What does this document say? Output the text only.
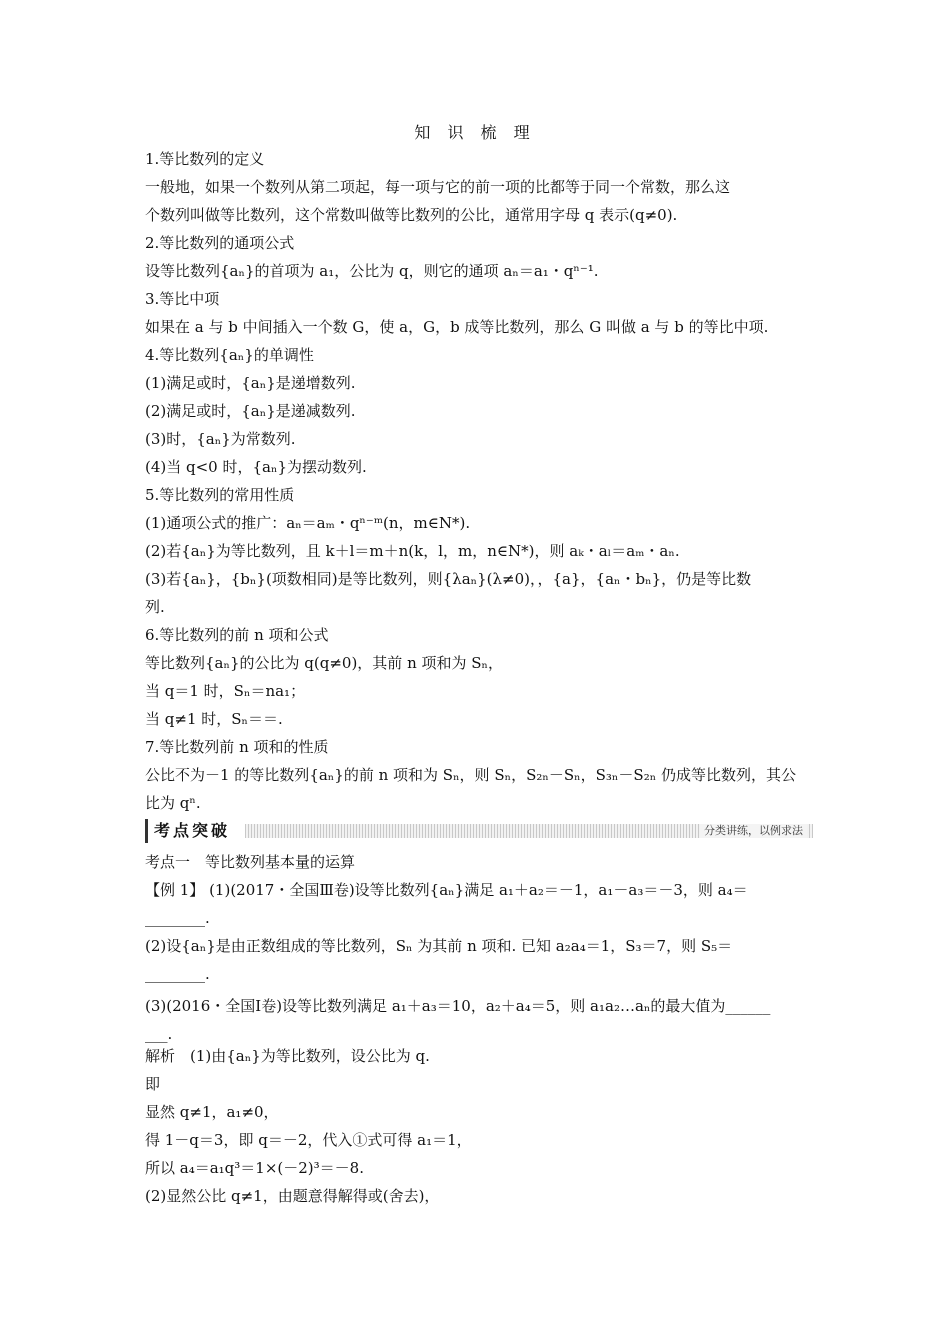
知 识 梳 理
1.等比数列的定义
一般地，如果一个数列从第二项起，每一项与它的前一项的比都等于同一个常数，那么这
个数列叫做等比数列，这个常数叫做等比数列的公比，通常用字母 q 表示(q≠0).
2.等比数列的通项公式
设等比数列{aₙ}的首项为 a₁，公比为 q，则它的通项 aₙ＝a₁・qⁿ⁻¹.
3.等比中项
如果在 a 与 b 中间插入一个数 G，使 a，G，b 成等比数列，那么 G 叫做 a 与 b 的等比中项.
4.等比数列{aₙ}的单调性
(1)满足或时，{aₙ}是递增数列.
(2)满足或时，{aₙ}是递减数列.
(3)时，{aₙ}为常数列.
(4)当 q<0 时，{aₙ}为摆动数列.
5.等比数列的常用性质
(1)通项公式的推广：aₙ＝aₘ・qⁿ⁻ᵐ(n，m∈N*).
(2)若{aₙ}为等比数列，且 k＋l＝m＋n(k，l，m，n∈N*)，则 aₖ・aₗ＝aₘ・aₙ.
(3)若{aₙ}，{bₙ}(项数相同)是等比数列，则{λaₙ}(λ≠0)，，{a}，{aₙ・bₙ}，仍是等比数
列.
6.等比数列的前 n 项和公式
等比数列{aₙ}的公比为 q(q≠0)，其前 n 项和为 Sₙ，
当 q＝1 时，Sₙ＝na₁；
当 q≠1 时，Sₙ＝＝.
7.等比数列前 n 项和的性质
公比不为－1 的等比数列{aₙ}的前 n 项和为 Sₙ，则 Sₙ，S₂ₙ－Sₙ，S₃ₙ－S₂ₙ 仍成等比数列，其公
比为 qⁿ.
考点突破	分类讲练，以例求法
考点一　等比数列基本量的运算
【例 1】 (1)(2017・全国Ⅲ卷)设等比数列{aₙ}满足 a₁＋a₂＝－1，a₁－a₃＝－3，则 a₄＝
________.
(2)设{aₙ}是由正数组成的等比数列，Sₙ 为其前 n 项和. 已知 a₂a₄＝1，S₃＝7，则 S₅＝
________.
(3)(2016・全国Ⅰ卷)设等比数列满足 a₁＋a₃＝10，a₂＋a₄＝5，则 a₁a₂…aₙ的最大值为______
___.
解析　(1)由{aₙ}为等比数列，设公比为 q.
即
显然 q≠1，a₁≠0，
得 1－q＝3，即 q＝－2，代入①式可得 a₁＝1，
所以 a₄＝a₁q³＝1×(－2)³＝－8.
(2)显然公比 q≠1，由题意得解得或(舍去)，
